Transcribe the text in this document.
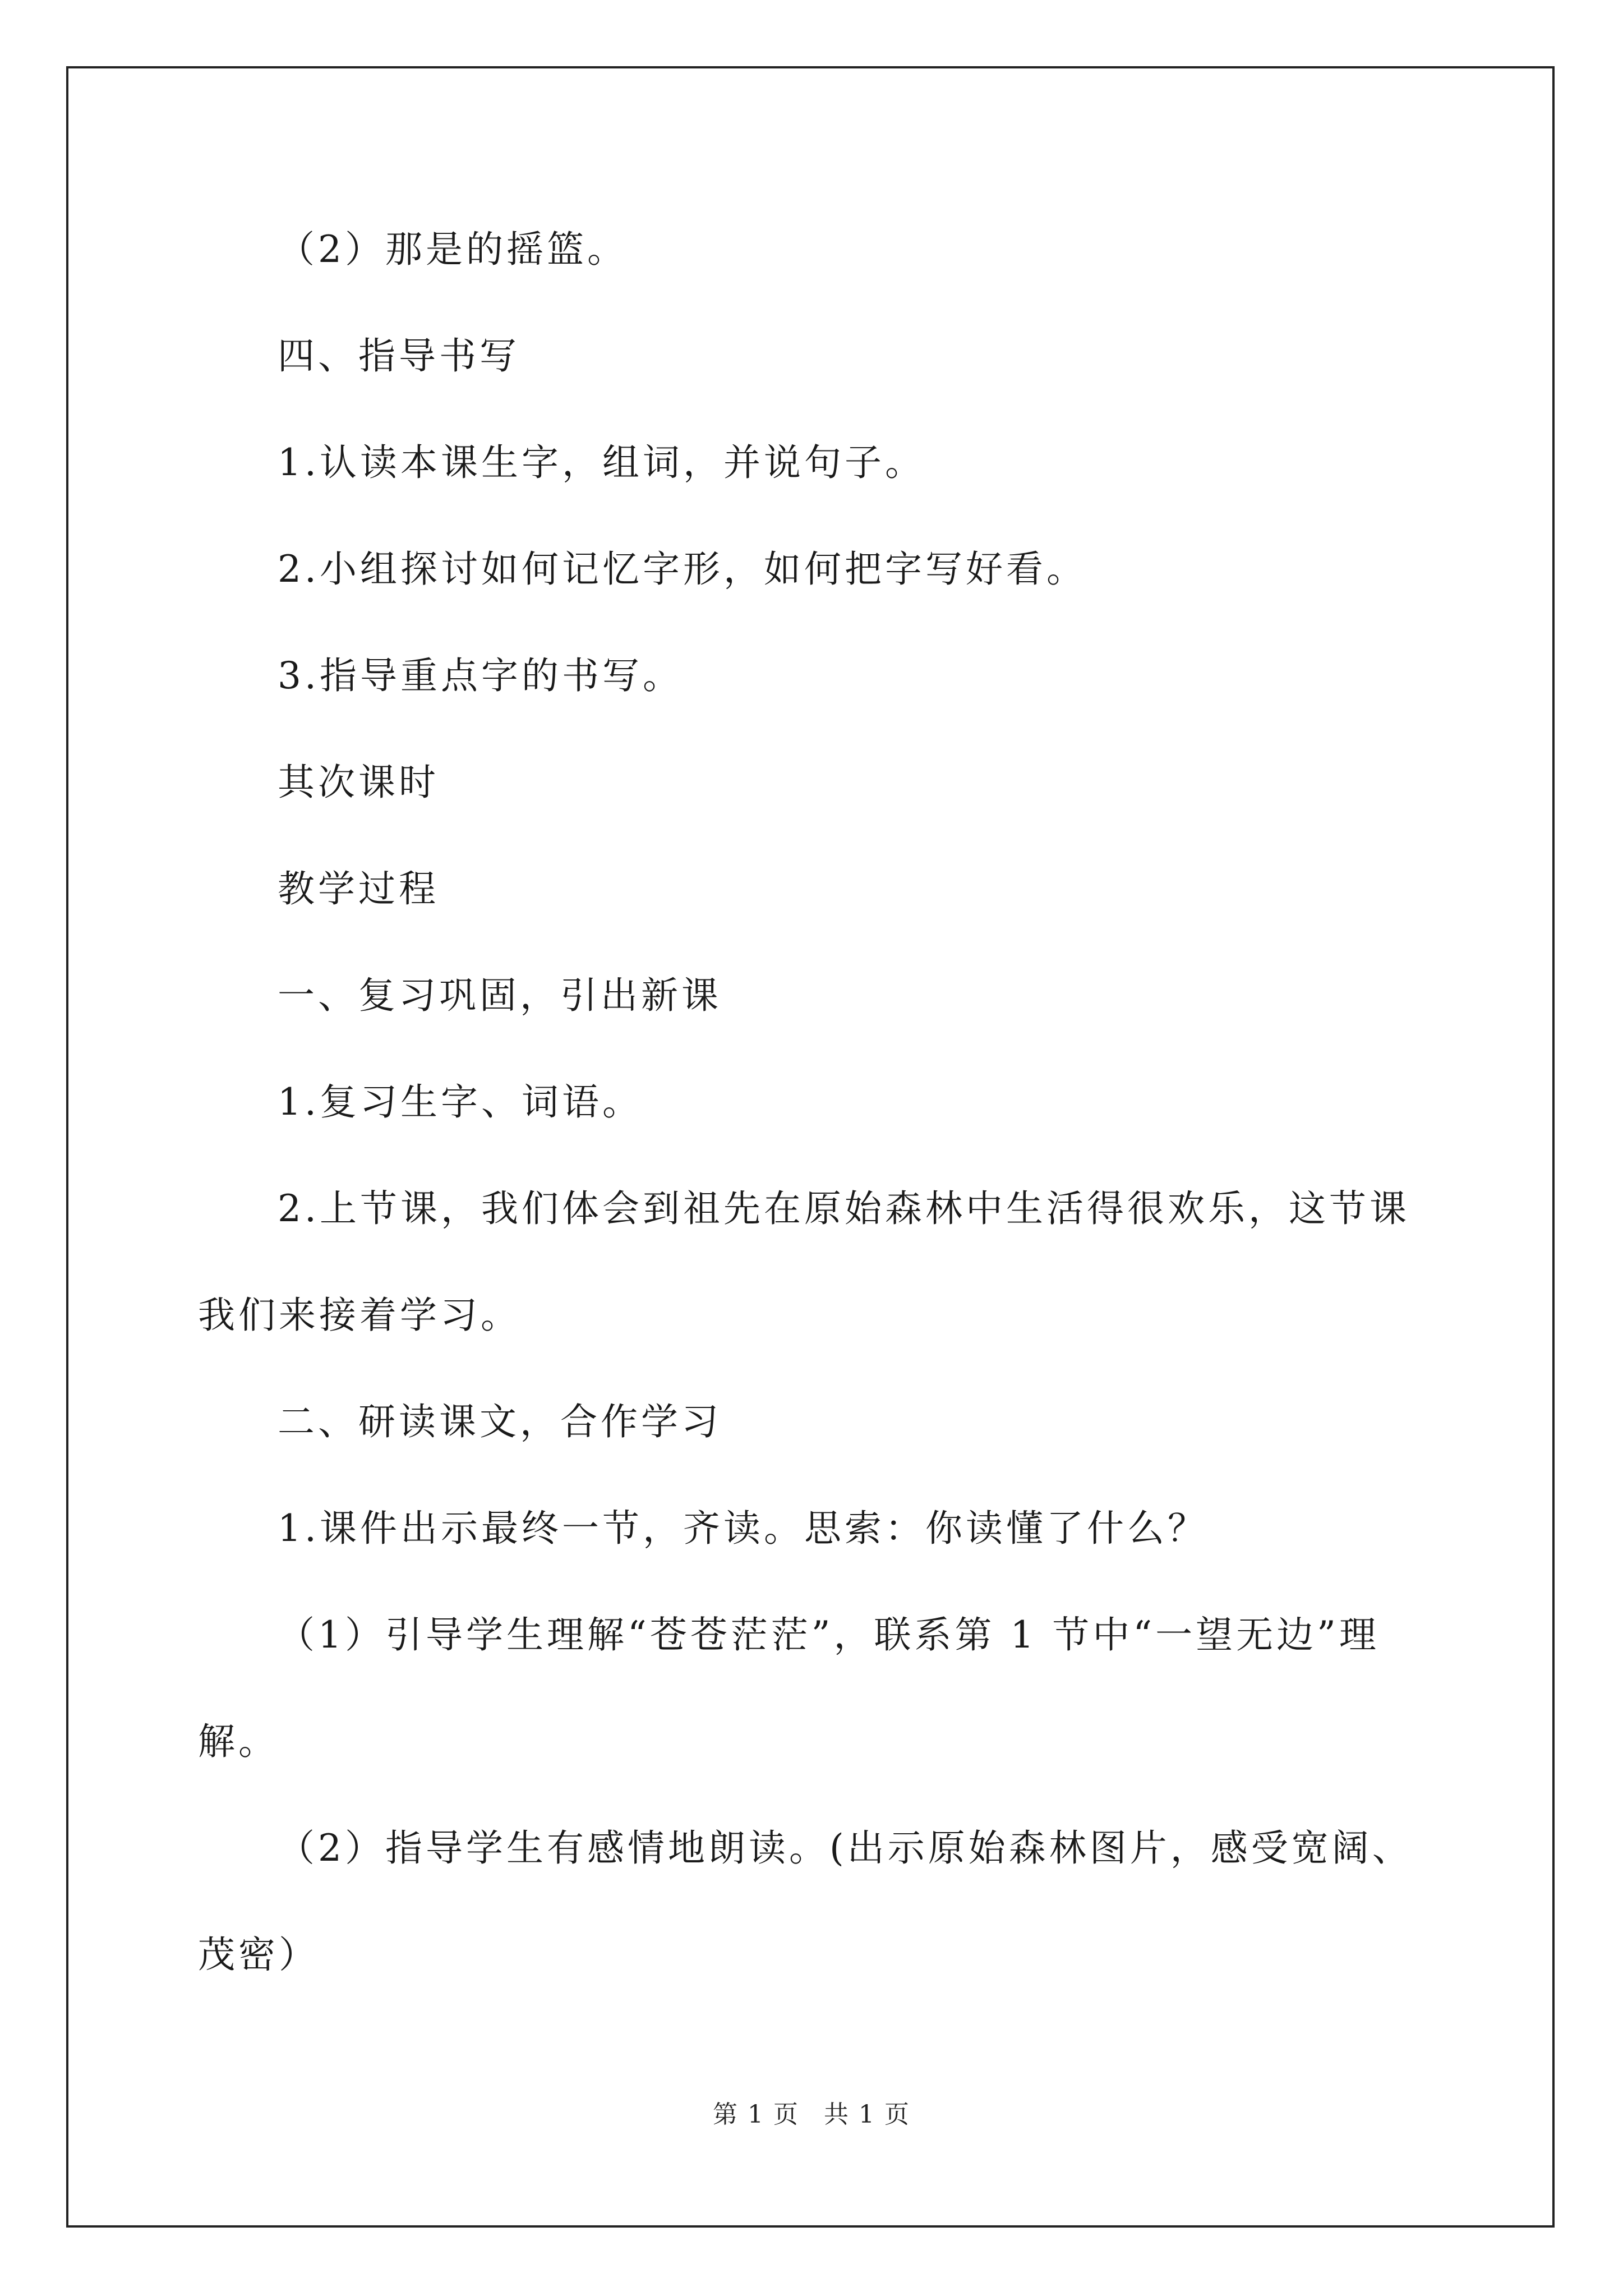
（2）那是的摇篮。
四、指导书写
1.认读本课生字，组词，并说句子。
2.小组探讨如何记忆字形，如何把字写好看。
3.指导重点字的书写。
其次课时
教学过程
一、复习巩固，引出新课
1.复习生字、词语。
2.上节课，我们体会到祖先在原始森林中生活得很欢乐，这节课
我们来接着学习。
二、研读课文，合作学习
1.课件出示最终一节，齐读。思索：你读懂了什么？
（1）引导学生理解“苍苍茫茫”，联系第 1 节中“一望无边”理
解。
（2）指导学生有感情地朗读。(出示原始森林图片，感受宽阔、
茂密）
第 1 页 共 1 页
